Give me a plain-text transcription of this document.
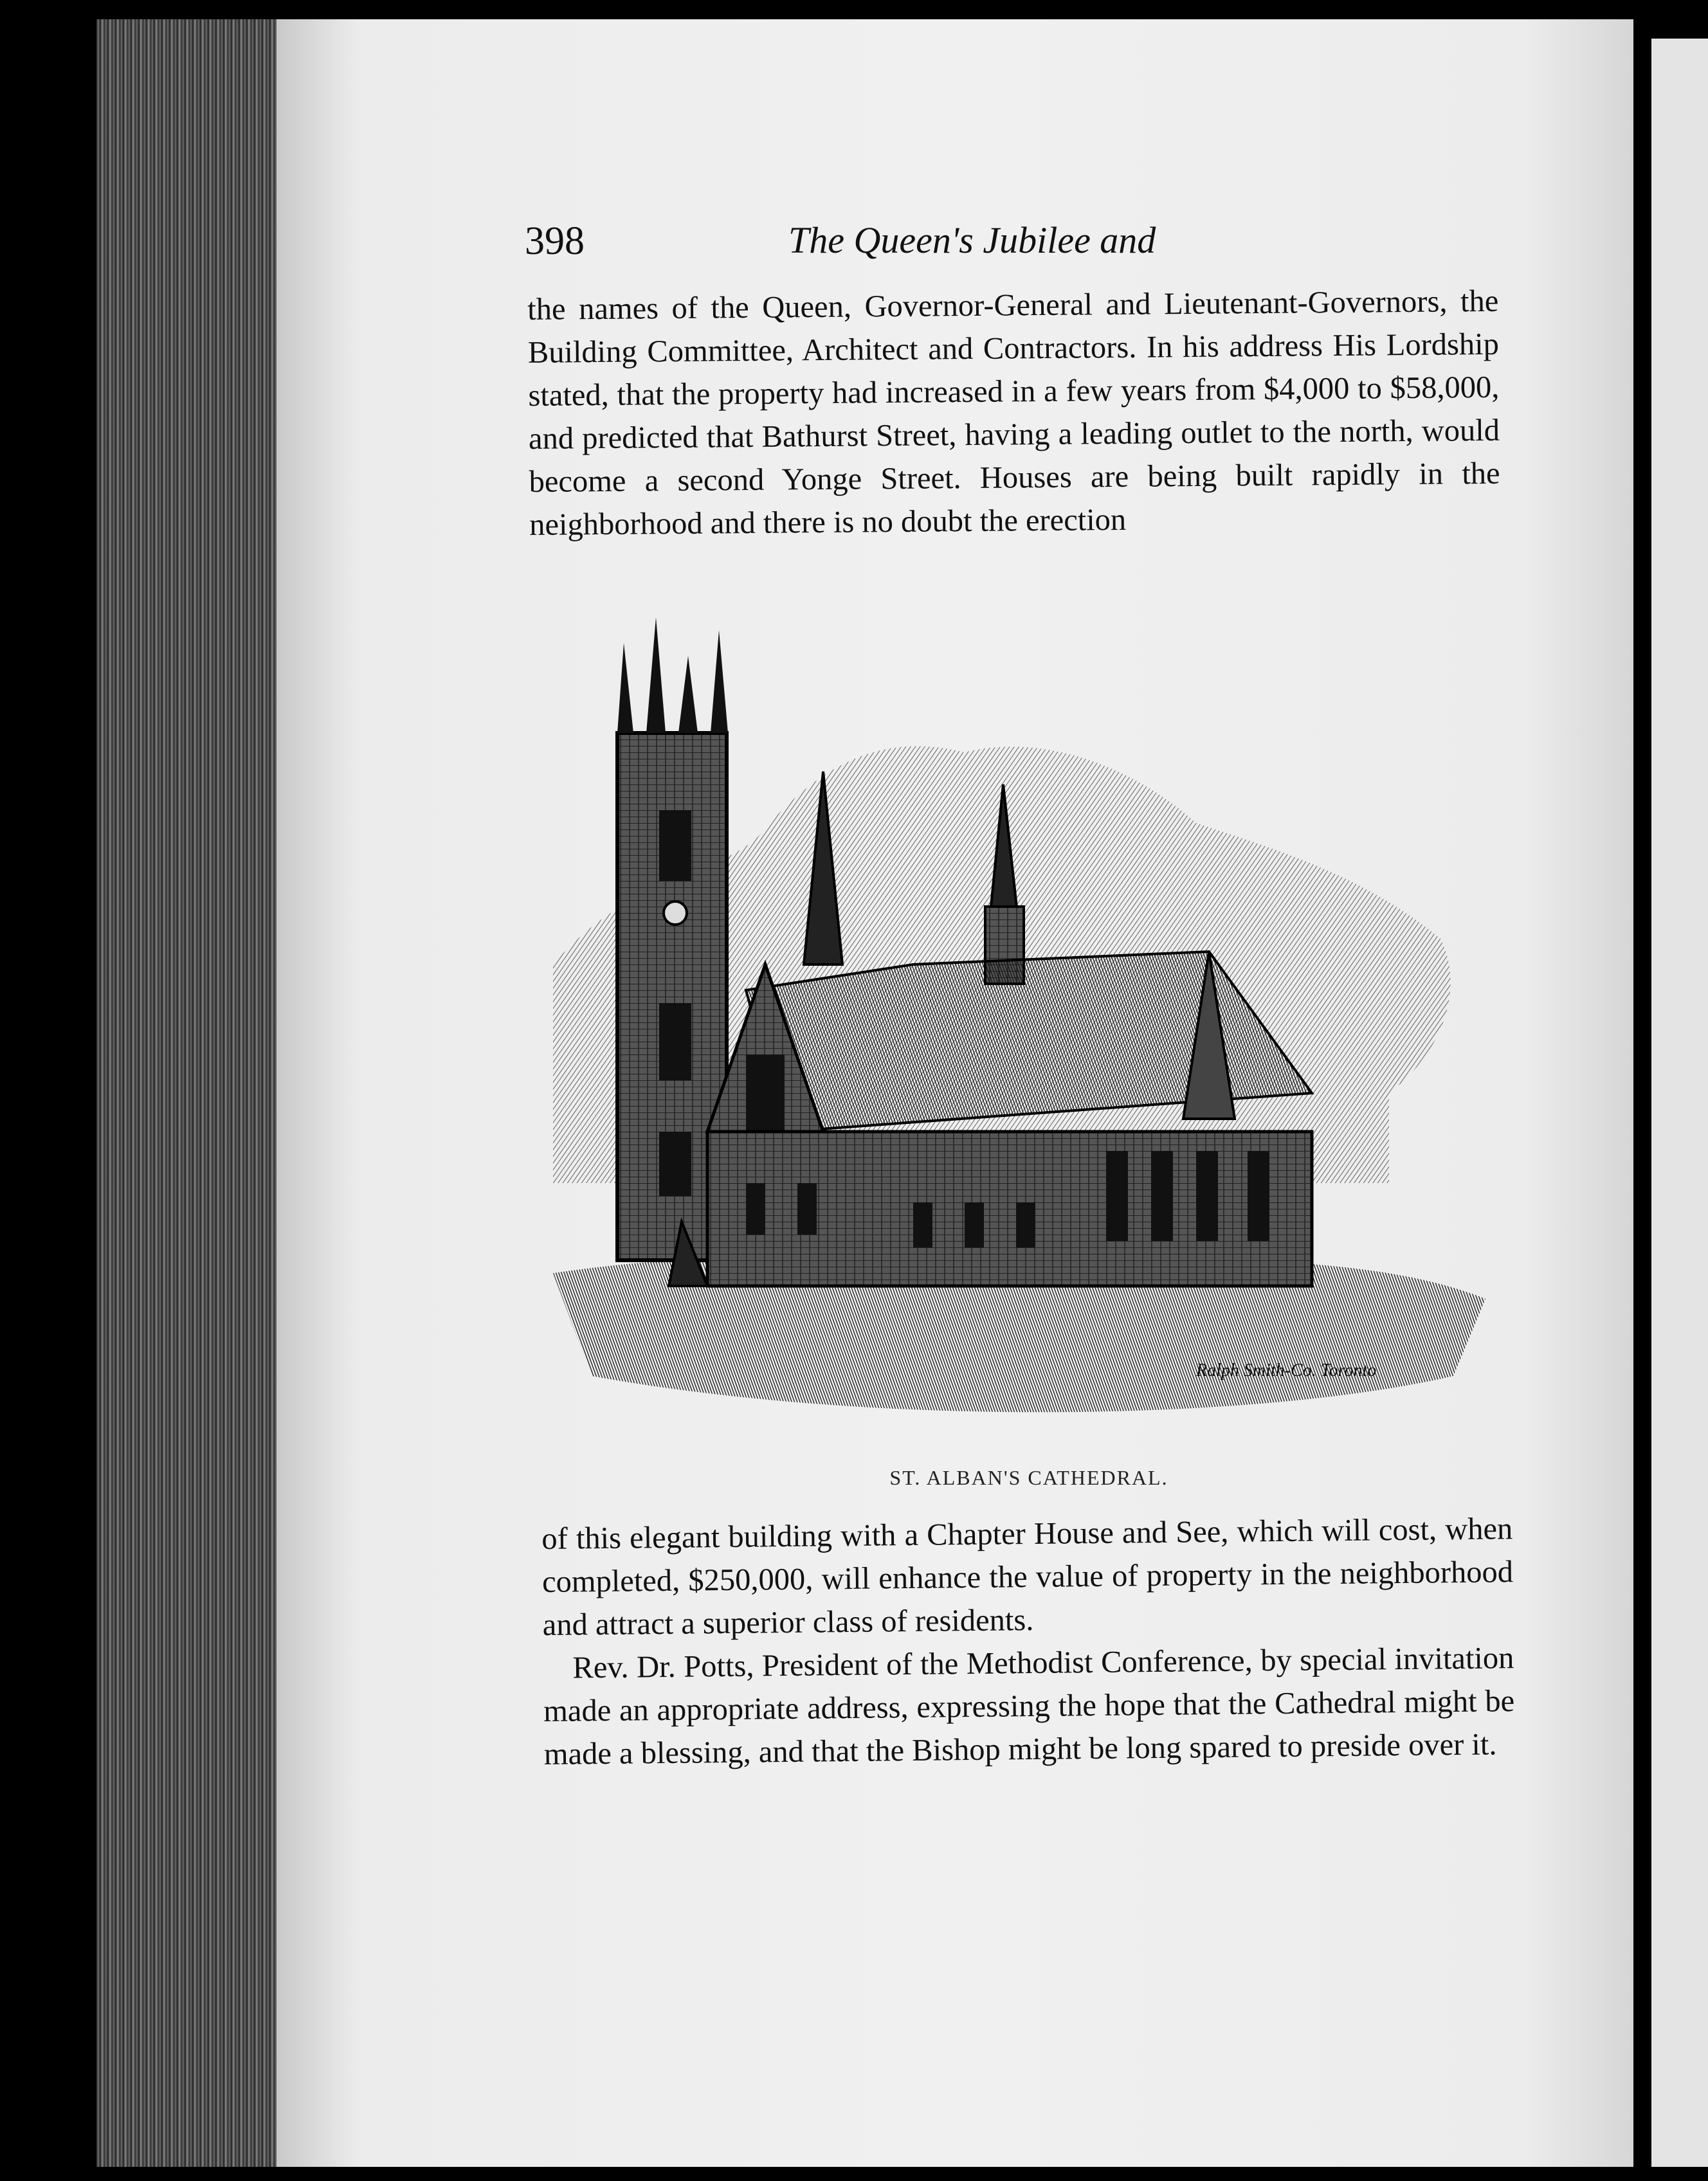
398	The Queen's Jubilee and

the names of the Queen, Governor-General and Lieutenant-Governors, the Building Committee, Architect and Contractors. In his address His Lordship stated, that the property had increased in a few years from $4,000 to $58,000, and predicted that Bathurst Street, having a leading outlet to the north, would become a second Yonge Street. Houses are being built rapidly in the neighborhood and there is no doubt the erection

Ralph Smith-Co. Toronto
ST. ALBAN'S CATHEDRAL.

of this elegant building with a Chapter House and See, which will cost, when completed, $250,000, will enhance the value of property in the neighborhood and attract a superior class of residents.

Rev. Dr. Potts, President of the Methodist Conference, by special invitation made an appropriate address, expressing the hope that the Cathedral might be made a blessing, and that the Bishop might be long spared to preside over it.
